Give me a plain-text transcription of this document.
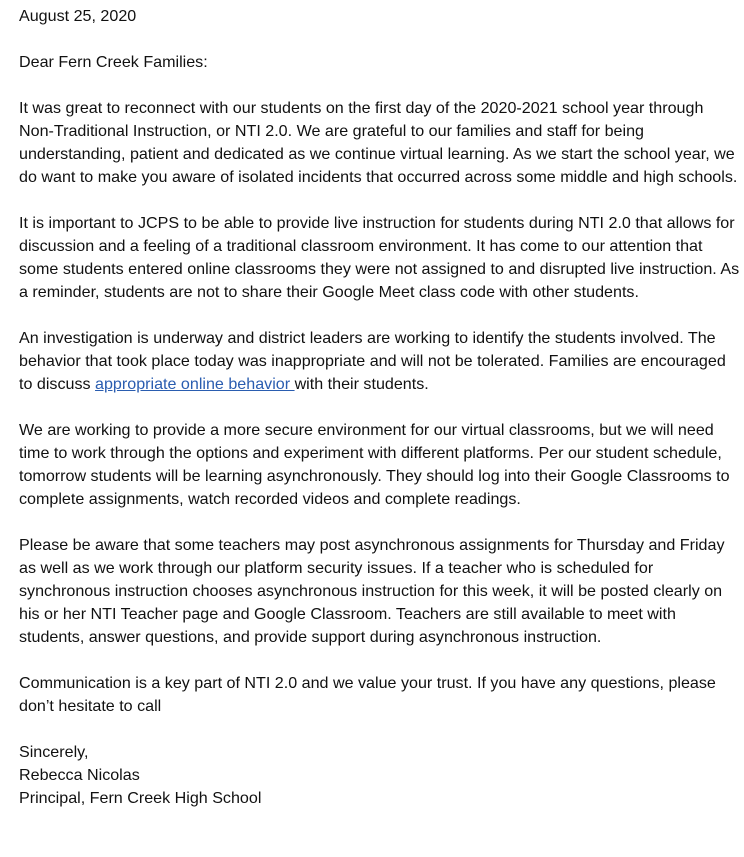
August 25, 2020

Dear Fern Creek Families:

It was great to reconnect with our students on the first day of the 2020-2021 school year through Non-Traditional Instruction, or NTI 2.0. We are grateful to our families and staff for being understanding, patient and dedicated as we continue virtual learning. As we start the school year, we do want to make you aware of isolated incidents that occurred across some middle and high schools.

It is important to JCPS to be able to provide live instruction for students during NTI 2.0 that allows for discussion and a feeling of a traditional classroom environment. It has come to our attention that some students entered online classrooms they were not assigned to and disrupted live instruction. As a reminder, students are not to share their Google Meet class code with other students.

An investigation is underway and district leaders are working to identify the students involved. The behavior that took place today was inappropriate and will not be tolerated. Families are encouraged to discuss appropriate online behavior with their students.

We are working to provide a more secure environment for our virtual classrooms, but we will need time to work through the options and experiment with different platforms. Per our student schedule, tomorrow students will be learning asynchronously. They should log into their Google Classrooms to complete assignments, watch recorded videos and complete readings.

Please be aware that some teachers may post asynchronous assignments for Thursday and Friday as well as we work through our platform security issues. If a teacher who is scheduled for synchronous instruction chooses asynchronous instruction for this week, it will be posted clearly on his or her NTI Teacher page and Google Classroom. Teachers are still available to meet with students, answer questions, and provide support during asynchronous instruction.

Communication is a key part of NTI 2.0 and we value your trust. If you have any questions, please don’t hesitate to call

Sincerely,
Rebecca Nicolas
Principal, Fern Creek High School
